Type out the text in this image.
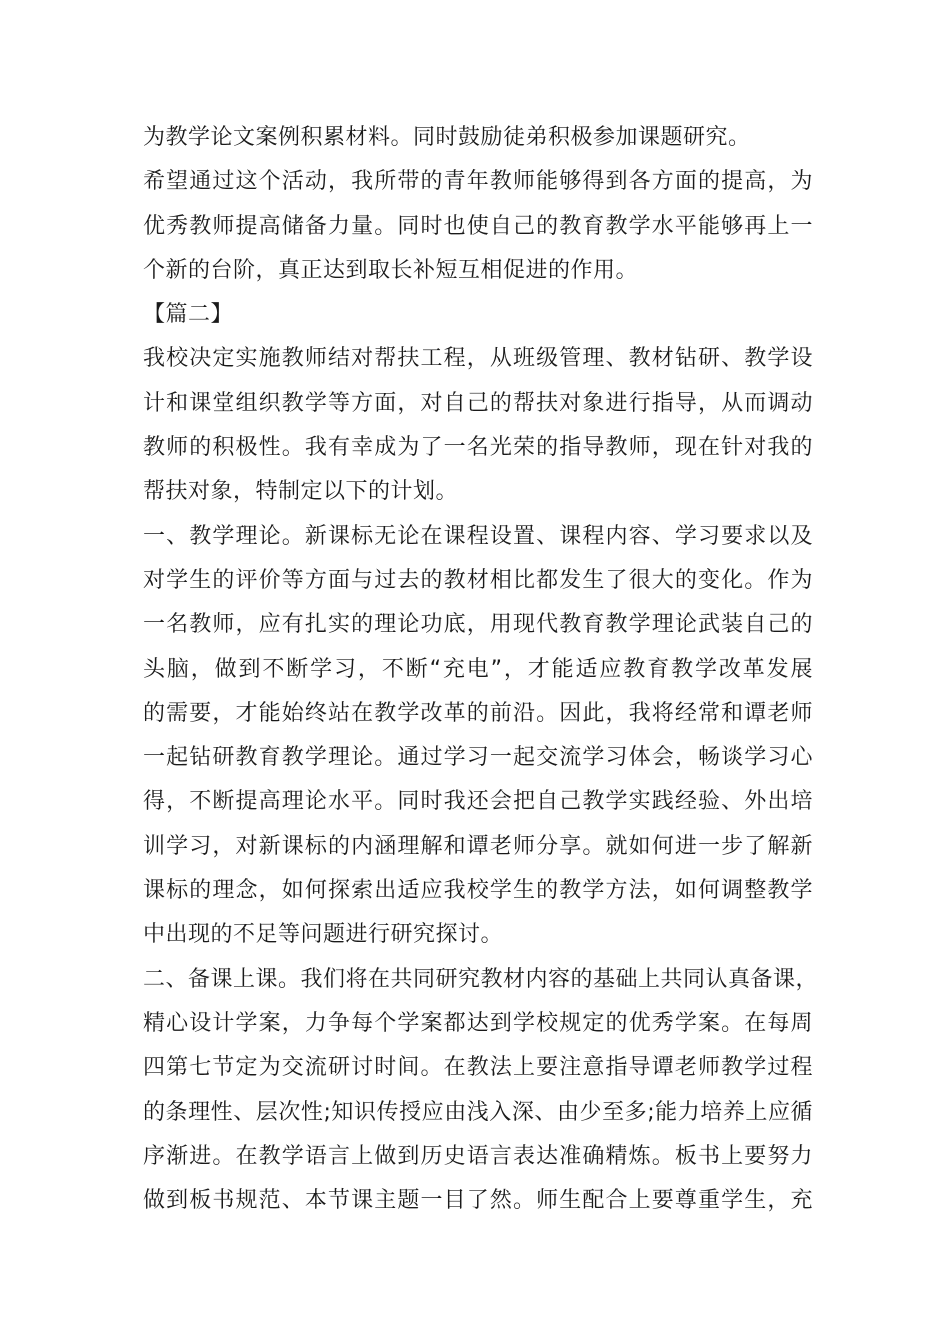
为教学论文案例积累材料。同时鼓励徒弟积极参加课题研究。
希望通过这个活动，我所带的青年教师能够得到各方面的提高，为
优秀教师提高储备力量。同时也使自己的教育教学水平能够再上一
个新的台阶，真正达到取长补短互相促进的作用。
【篇二】
我校决定实施教师结对帮扶工程，从班级管理、教材钻研、教学设
计和课堂组织教学等方面，对自己的帮扶对象进行指导，从而调动
教师的积极性。我有幸成为了一名光荣的指导教师，现在针对我的
帮扶对象，特制定以下的计划。
一、教学理论。新课标无论在课程设置、课程内容、学习要求以及
对学生的评价等方面与过去的教材相比都发生了很大的变化。作为
一名教师，应有扎实的理论功底，用现代教育教学理论武装自己的
头脑，做到不断学习，不断“充电”，才能适应教育教学改革发展
的需要，才能始终站在教学改革的前沿。因此，我将经常和谭老师
一起钻研教育教学理论。通过学习一起交流学习体会，畅谈学习心
得，不断提高理论水平。同时我还会把自己教学实践经验、外出培
训学习，对新课标的内涵理解和谭老师分享。就如何进一步了解新
课标的理念，如何探索出适应我校学生的教学方法，如何调整教学
中出现的不足等问题进行研究探讨。
二、备课上课。我们将在共同研究教材内容的基础上共同认真备课，
精心设计学案，力争每个学案都达到学校规定的优秀学案。在每周
四第七节定为交流研讨时间。在教法上要注意指导谭老师教学过程
的条理性、层次性;知识传授应由浅入深、由少至多;能力培养上应循
序渐进。在教学语言上做到历史语言表达准确精炼。板书上要努力
做到板书规范、本节课主题一目了然。师生配合上要尊重学生，充
